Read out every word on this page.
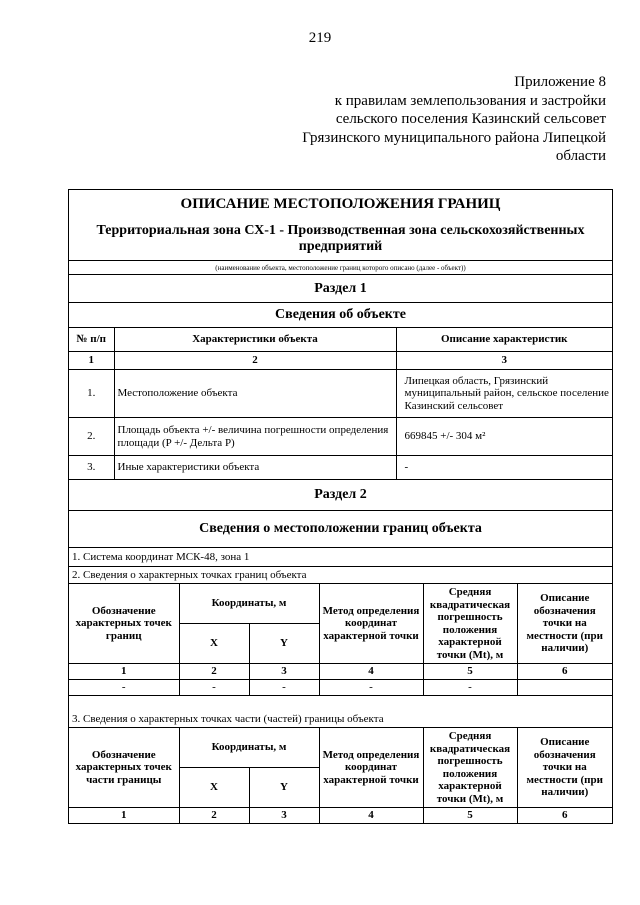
219
Приложение 8
к правилам землепользования и застройки
сельского поселения Казинский сельсовет
Грязинского муниципального района Липецкой
области
ОПИСАНИЕ МЕСТОПОЛОЖЕНИЯ ГРАНИЦ
Территориальная зона СХ-1 - Производственная зона сельскохозяйственных
предприятий
(наименование объекта, местоположение границ которого описано (далее - объект))
Раздел 1
Сведения об объекте
№ п/п	Характеристики объекта	Описание характеристик
1	2	3
1.	Местоположение объекта	Липецкая область, Грязинский муниципальный район, сельское поселение Казинский сельсовет
2.	Площадь объекта +/- величина погрешности определения площади (P +/- Дельта P)	669845 +/- 304 м²
3.	Иные характеристики объекта	-
Раздел 2
Сведения о местоположении границ объекта
1. Система координат МСК-48, зона 1
2. Сведения о характерных точках границ объекта
Обозначение характерных точек границ	Координаты, м		Метод определения координат характерной точки	Средняя квадратическая погрешность положения характерной точки (Mt), м	Описание обозначения точки на местности (при наличии)
	X	Y			
1	2	3	4	5	6
-	-	-	-	-	
3. Сведения о характерных точках части (частей) границы объекта
Обозначение характерных точек части границы	Координаты, м		Метод определения координат характерной точки	Средняя квадратическая погрешность положения характерной точки (Mt), м	Описание обозначения точки на местности (при наличии)
	X	Y			
1	2	3	4	5	6
